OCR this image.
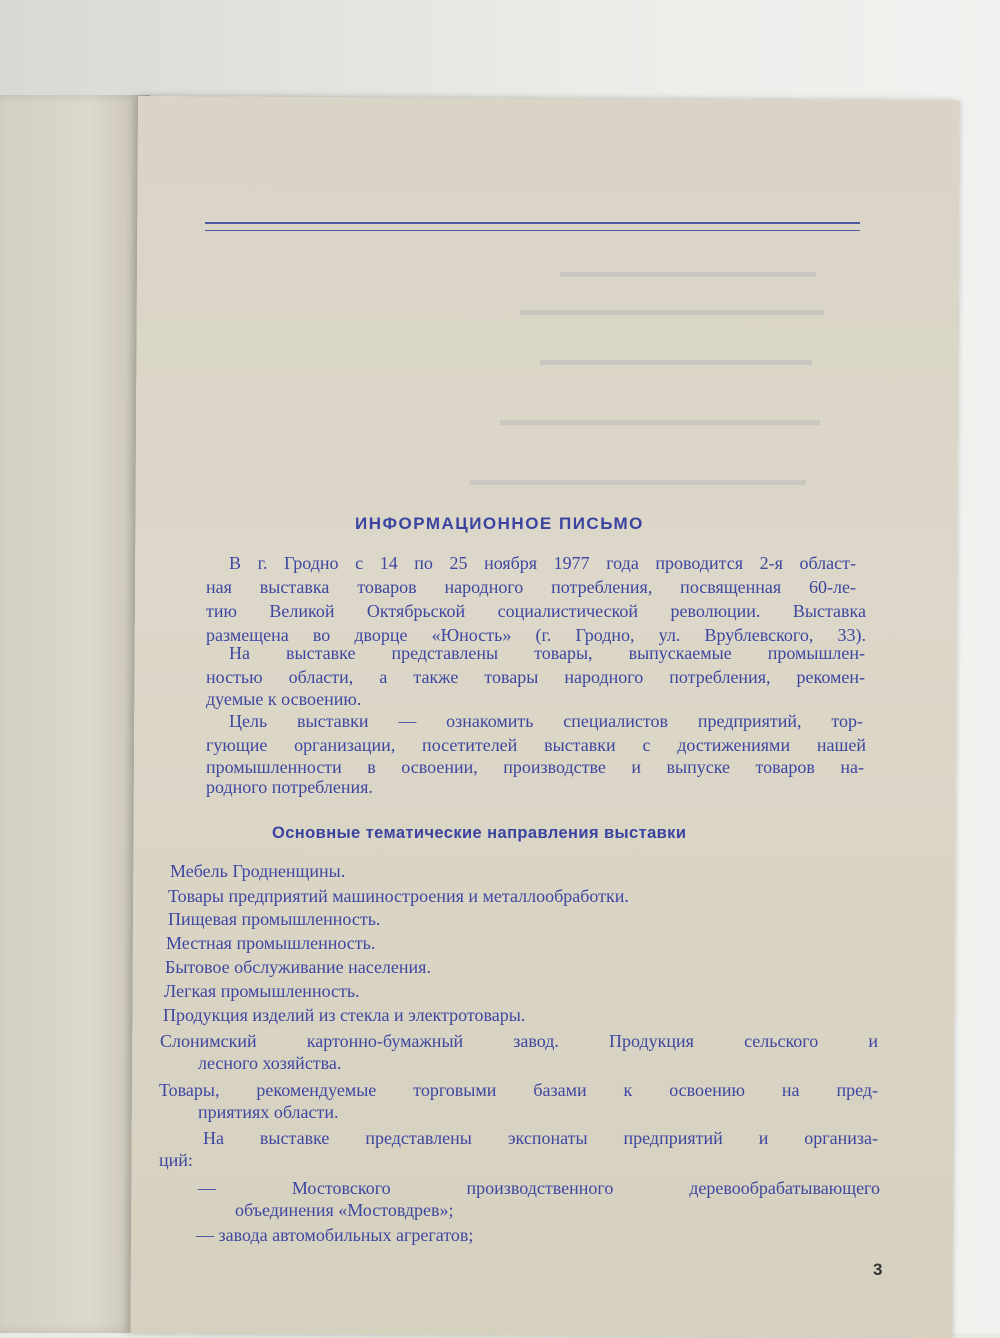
▬▬▬▬▬▬▬▬▬▬▬▬▬▬▬▬
▬▬▬▬▬▬▬▬▬▬▬▬▬▬▬▬▬▬▬
▬▬▬▬▬▬▬▬▬▬▬▬▬▬▬▬▬
▬▬▬▬▬▬▬▬▬▬▬▬▬▬▬▬▬▬▬▬
▬▬▬▬▬▬▬▬▬▬▬▬▬▬▬▬▬▬▬▬▬
ИНФОРМАЦИОННОЕ ПИСЬМО
В г. Гродно с 14 по 25 ноября 1977 года проводится 2-я област-
ная выставка товаров народного потребления, посвященная 60-ле-
тию Великой Октябрьской социалистической революции. Выставка
размещена во дворце «Юность» (г. Гродно, ул. Врублевского, 33).
На выставке представлены товары, выпускаемые промышлен-
ностью области, а также товары народного потребления, рекомен-
дуемые к освоению.
Цель выставки — ознакомить специалистов предприятий, тор-
гующие организации, посетителей выставки с достижениями нашей
промышленности в освоении, производстве и выпуске товаров на-
родного потребления.
Основные тематические направления выставки
Мебель Гродненщины.
Товары предприятий машиностроения и металлообработки.
Пищевая промышленность.
Местная промышленность.
Бытовое обслуживание населения.
Легкая промышленность.
Продукция изделий из стекла и электротовары.
Слонимский картонно-бумажный завод. Продукция сельского и
лесного хозяйства.
Товары, рекомендуемые торговыми базами к освоению на пред-
приятиях области.
На выставке представлены экспонаты предприятий и организа-
ций:
— Мостовского производственного деревообрабатывающего
объединения «Мостовдрев»;
— завода автомобильных агрегатов;
3
